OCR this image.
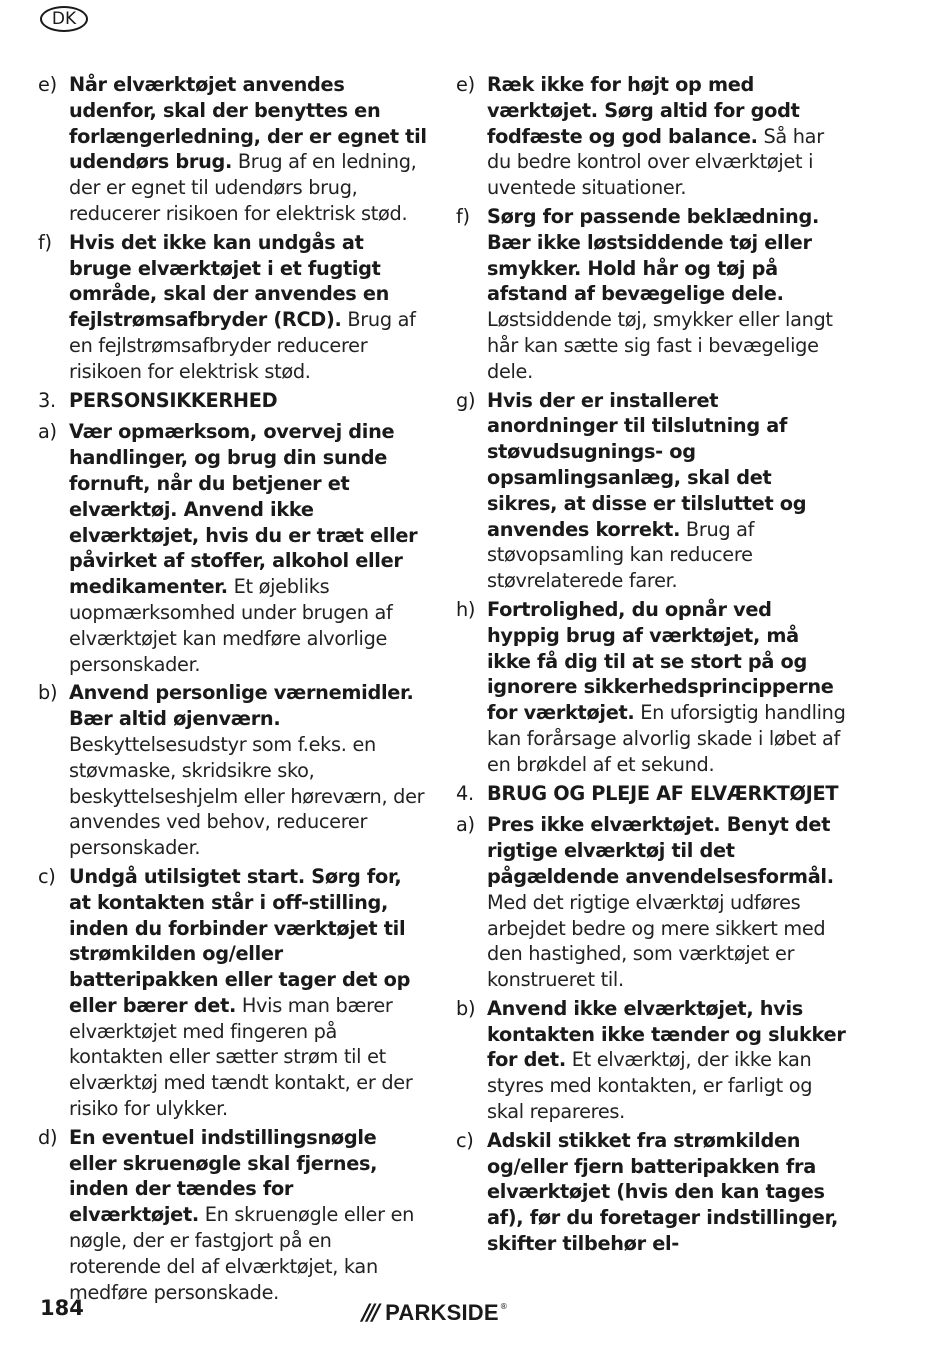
DK
e) Når elværktøjet anvendes udenfor, skal der benyttes en forlængerledning, der er egnet til udendørs brug. Brug af en ledning, der er egnet til udendørs brug, reducerer risikoen for elektrisk stød.
f) Hvis det ikke kan undgås at bruge elværktøjet i et fugtigt område, skal der anvendes en fejlstrømsafbryder (RCD). Brug af en fejlstrømsafbryder reducerer risikoen for elektrisk stød.
3. PERSONSIKKERHED
a) Vær opmærksom, overvej dine handlinger, og brug din sunde fornuft, når du betjener et elværktøj. Anvend ikke elværktøjet, hvis du er træt eller påvirket af stoffer, alkohol eller medikamenter. Et øjebliks uopmærksomhed under brugen af elværktøjet kan medføre alvorlige personskader.
b) Anvend personlige værnemidler. Bær altid øjenværn. Beskyttelsesudstyr som f.eks. en støvmaske, skridsikre sko, beskyttelseshjelm eller høreværn, der anvendes ved behov, reducerer personskader.
c) Undgå utilsigtet start. Sørg for, at kontakten står i off-stilling, inden du forbinder værktøjet til strømkilden og/eller batteripakken eller tager det op eller bærer det. Hvis man bærer elværktøjet med fingeren på kontakten eller sætter strøm til et elværktøj med tændt kontakt, er der risiko for ulykker.
d) En eventuel indstillingsnøgle eller skruenøgle skal fjernes, inden der tændes for elværktøjet. En skruenøgle eller en nøgle, der er fastgjort på en roterende del af elværktøjet, kan medføre personskade.
e) Ræk ikke for højt op med værktøjet. Sørg altid for godt fodfæste og god balance. Så har du bedre kontrol over elværktøjet i uventede situationer.
f) Sørg for passende beklædning. Bær ikke løstsiddende tøj eller smykker. Hold hår og tøj på afstand af bevægelige dele. Løstsiddende tøj, smykker eller langt hår kan sætte sig fast i bevægelige dele.
g) Hvis der er installeret anordninger til tilslutning af støvudsugnings- og opsamlingsanlæg, skal det sikres, at disse er tilsluttet og anvendes korrekt. Brug af støvopsamling kan reducere støvrelaterede farer.
h) Fortrolighed, du opnår ved hyppig brug af værktøjet, må ikke få dig til at se stort på og ignorere sikkerhedsprincipperne for værktøjet. En uforsigtig handling kan forårsage alvorlig skade i løbet af en brøkdel af et sekund.
4. BRUG OG PLEJE AF ELVÆRKTØJET
a) Pres ikke elværktøjet. Benyt det rigtige elværktøj til det pågældende anvendelsesformål. Med det rigtige elværktøj udføres arbejdet bedre og mere sikkert med den hastighed, som værktøjet er konstrueret til.
b) Anvend ikke elværktøjet, hvis kontakten ikke tænder og slukker for det. Et elværktøj, der ikke kan styres med kontakten, er farligt og skal repareres.
c) Adskil stikket fra strømkilden og/eller fjern batteripakken fra elværktøjet (hvis den kan tages af), før du foretager indstillinger, skifter tilbehør el-
184	/// PARKSIDE ®
